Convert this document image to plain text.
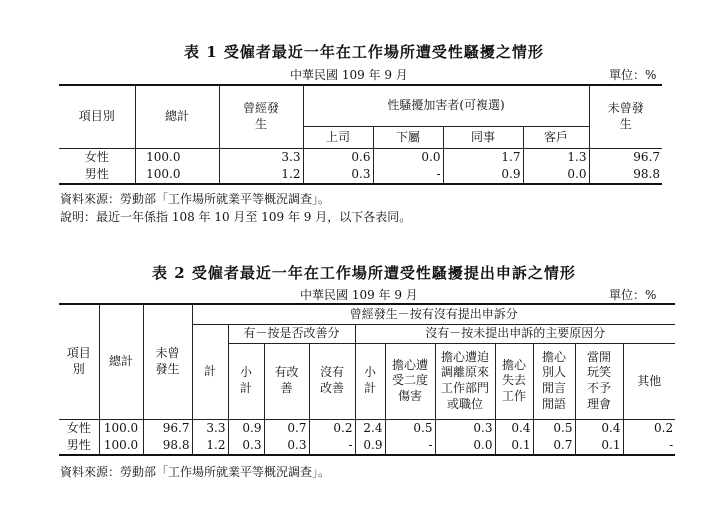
表 1 受僱者最近一年在工作場所遭受性騷擾之情形
中華民國 109 年 9 月	單位：%
項目別	總計	曾經發生	性騷擾加害者(可複選)				未曾發生

			上司	下屬	同事	客戶	
女性	100.0	3.3	0.6	0.0	1.7	1.3	96.7
男性	100.0	1.2	0.3	-	0.9	0.0	98.8
資料來源：勞動部「工作場所就業平等概況調查」。
說明：最近一年係指 108 年 10 月至 109 年 9 月，以下各表同。
表 2 受僱者最近一年在工作場所遭受性騷擾提出申訴之情形
中華民國 109 年 9 月	單位：%
項目別	總計	未曾發生	曾經發生－按有沒有提出申訴分										
			計	有－按是否改善分			沒有－按未提出申訴的主要原因分						

				小計	有改善	沒有改善	小計	擔心遭受二度傷害	擔心遭迫調離原來工作部門或職位	擔心失去工作	擔心別人閒言閒語	當開玩笑不予理會	其他
女性	100.0	96.7	3.3	0.9	0.7	0.2	2.4	0.5	0.3	0.4	0.5	0.4	0.2
男性	100.0	98.8	1.2	0.3	0.3	-	0.9	-	0.0	0.1	0.7	0.1	-
資料來源：勞動部「工作場所就業平等概況調查」。
